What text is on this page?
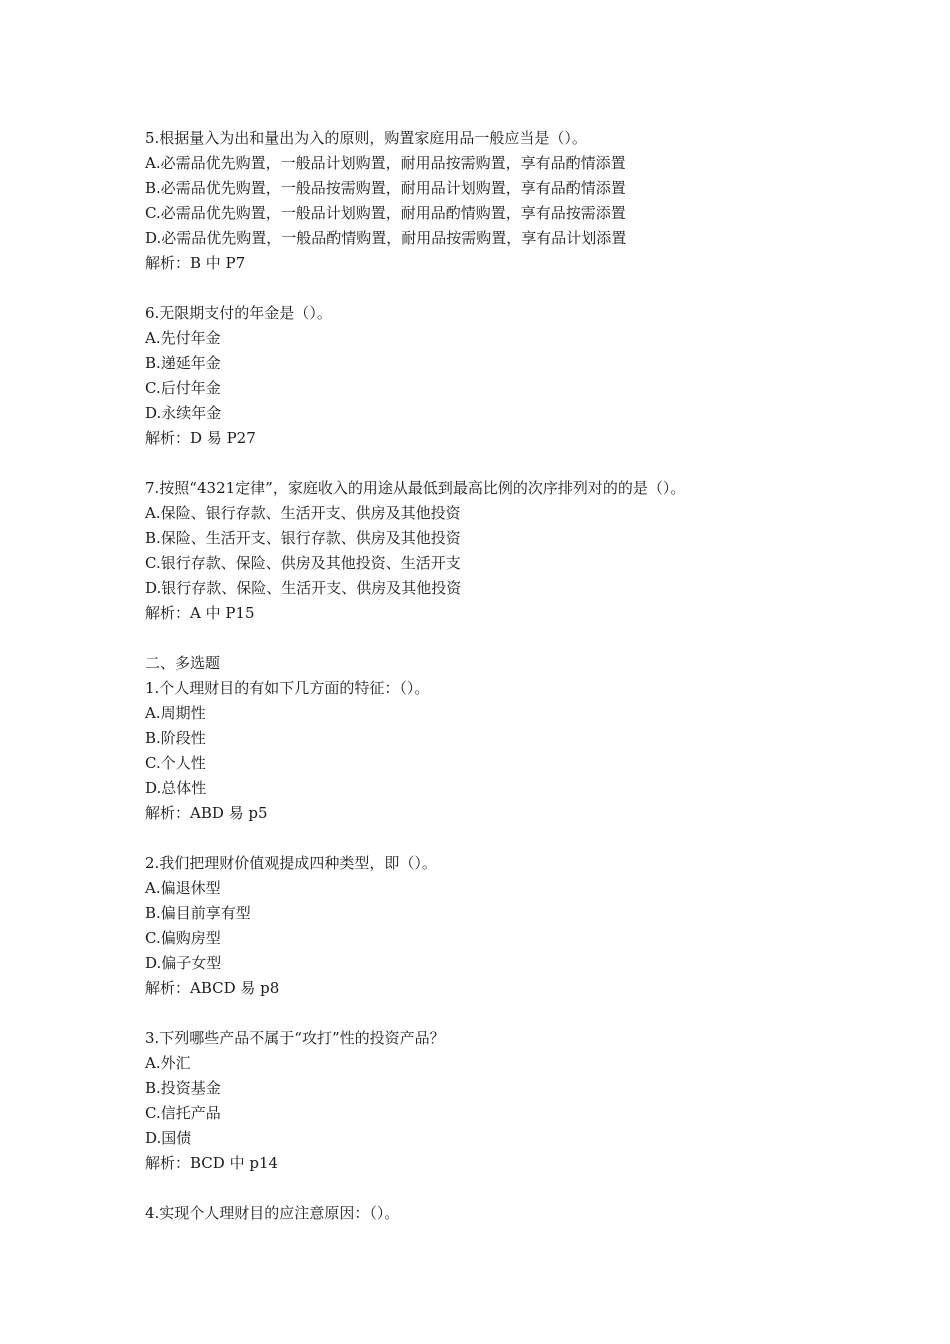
5.根据量入为出和量出为入的原则，购置家庭用品一般应当是（）。
A.必需品优先购置，一般品计划购置，耐用品按需购置，享有品酌情添置
B.必需品优先购置，一般品按需购置，耐用品计划购置，享有品酌情添置
C.必需品优先购置，一般品计划购置，耐用品酌情购置，享有品按需添置
D.必需品优先购置，一般品酌情购置，耐用品按需购置，享有品计划添置
解析：B 中 P7
6.无限期支付的年金是（）。
A.先付年金
B.递延年金
C.后付年金
D.永续年金
解析：D 易 P27
7.按照“4321定律”，家庭收入的用途从最低到最高比例的次序排列对的的是（）。
A.保险、银行存款、生活开支、供房及其他投资
B.保险、生活开支、银行存款、供房及其他投资
C.银行存款、保险、供房及其他投资、生活开支
D.银行存款、保险、生活开支、供房及其他投资
解析：A 中 P15
二、多选题
1.个人理财目的有如下几方面的特征：（）。
A.周期性
B.阶段性
C.个人性
D.总体性
解析：ABD 易 p5
2.我们把理财价值观提成四种类型，即（）。
A.偏退休型
B.偏目前享有型
C.偏购房型
D.偏子女型
解析：ABCD 易 p8
3.下列哪些产品不属于“攻打”性的投资产品？
A.外汇
B.投资基金
C.信托产品
D.国债
解析：BCD 中 p14
4.实现个人理财目的应注意原因：（）。
